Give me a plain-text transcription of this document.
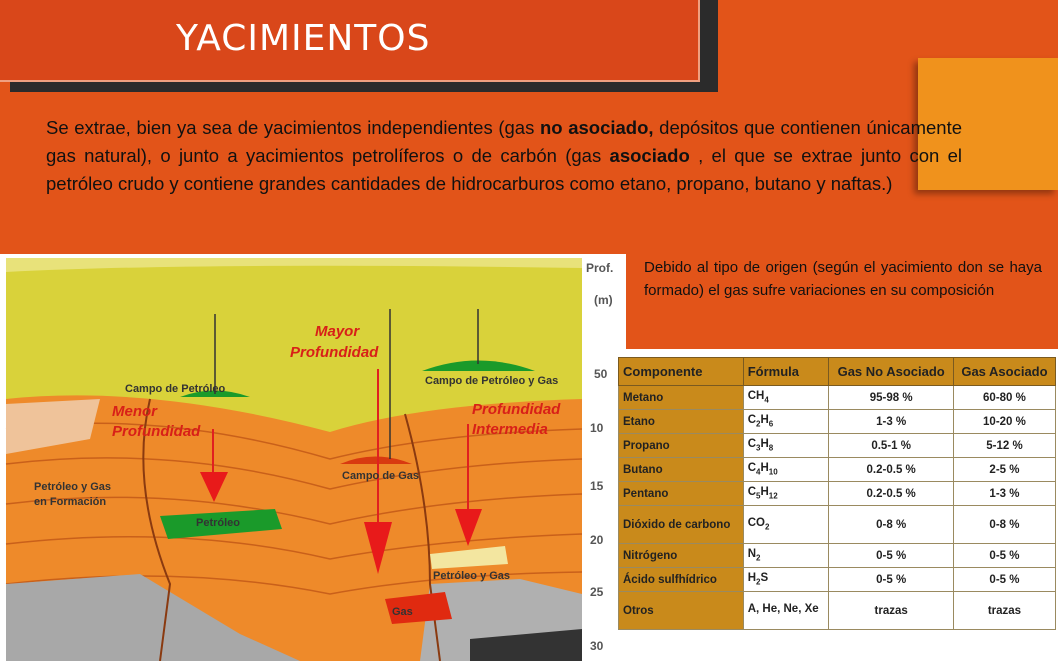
YACIMIENTOS

Se extrae, bien ya sea de yacimientos independientes (gas no asociado, depósitos que contienen únicamente gas natural), o junto a yacimientos petrolíferos o de carbón (gas asociado , el que se extrae junto con el petróleo crudo y contiene grandes cantidades de hidrocarburos como etano, propano, butano y naftas.)

Debido al tipo de origen (según el yacimiento don se haya formado) el gas sufre variaciones en su composición

Campo de Petróleo
Campo de Petróleo y Gas
Campo de Gas
Petróleo
Petróleo y Gas
Gas
Petróleo y Gas
en Formación
Mayor
Profundidad
Menor
Profundidad
Profundidad
Intermedia
Prof.
(m)
50
10
15
20
25
30
Componente	Fórmula	Gas No Asociado	Gas Asociado
Metano	$CH_4$	95-98 %	60-80 %
Etano	$C_2H_6$	1-3 %	10-20 %
Propano	$C_3H_8$	0.5-1 %	5-12 %
Butano	$C_4H_{10}$	0.2-0.5 %	2-5 %
Pentano	$C_5H_{12}$	0.2-0.5 %	1-3 %
Dióxido de carbono	$CO_2$	0-8 %	0-8 %
Nitrógeno	$N_2$	0-5 %	0-5 %
Ácido sulfhídrico	$H_2S$	0-5 %	0-5 %
Otros	A, He, Ne, Xe	trazas	trazas
